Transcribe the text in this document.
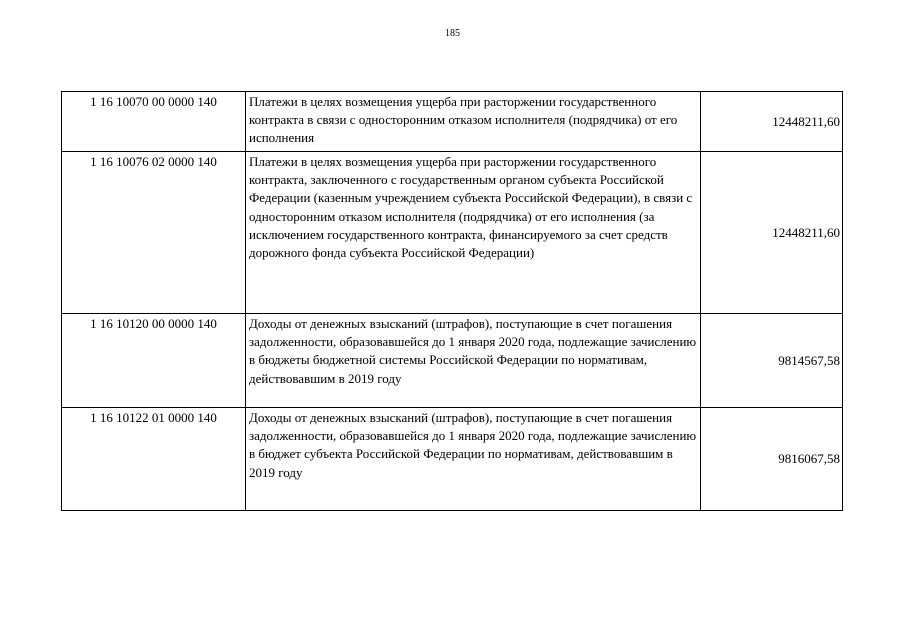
185
1 16 10070 00 0000 140	Платежи в целях возмещения ущерба при расторжении государственного контракта в связи с односторонним отказом исполнителя (подрядчика) от его исполнения	12448211,60
1 16 10076 02 0000 140	Платежи в целях возмещения ущерба при расторжении государственного контракта, заключенного с государственным органом субъекта Российской Федерации (казенным учреждением субъекта Российской Федерации), в связи с односторонним отказом исполнителя (подрядчика) от его исполнения (за исключением государственного контракта, финансируемого за счет средств дорожного фонда субъекта Российской Федерации)	12448211,60
1 16 10120 00 0000 140	Доходы от денежных взысканий (штрафов), поступающие в счет погашения задолженности, образовавшейся до 1 января 2020 года, подлежащие зачислению в бюджеты бюджетной системы Российской Федерации по нормативам, действовавшим в 2019 году	9814567,58
1 16 10122 01 0000 140	Доходы от денежных взысканий (штрафов), поступающие в счет погашения задолженности, образовавшейся до 1 января 2020 года, подлежащие зачислению в бюджет субъекта Российской Федерации по нормативам, действовавшим в 2019 году	9816067,58
